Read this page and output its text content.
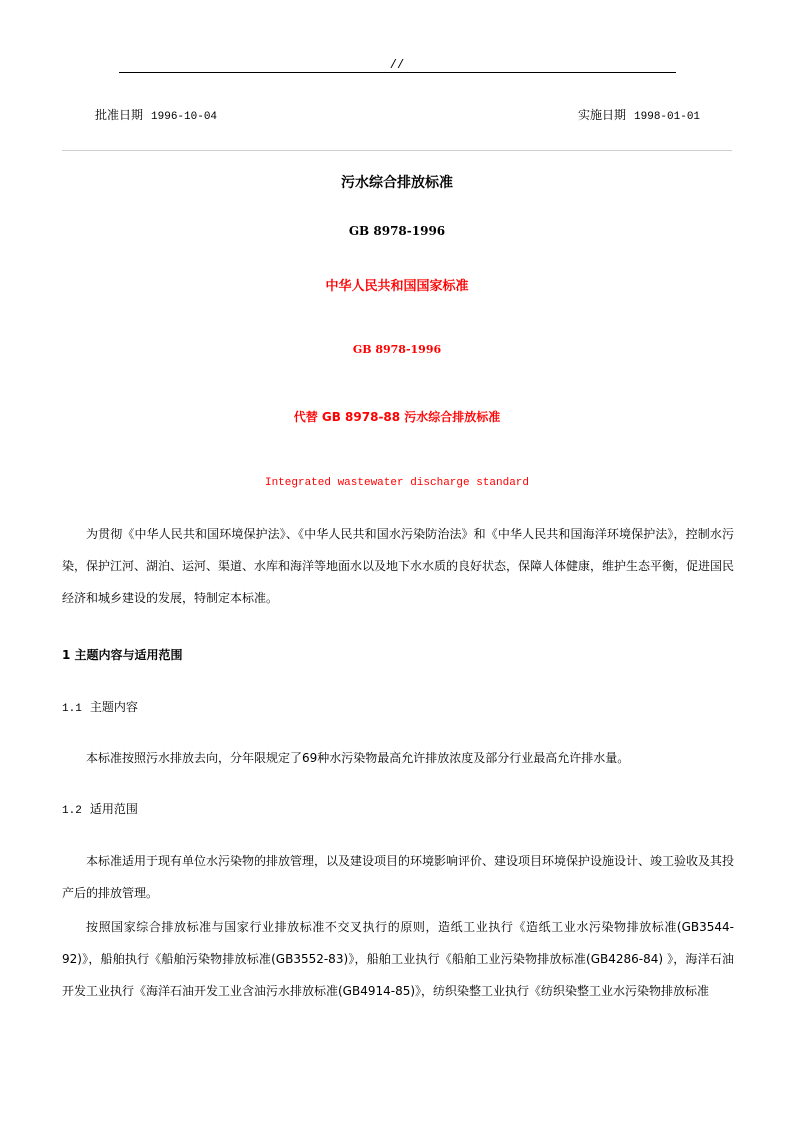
//
批准日期 1996-10-04	实施日期 1998-01-01
污水综合排放标准
GB 8978-1996
中华人民共和国国家标准
GB 8978-1996
代替 GB 8978-88 污水综合排放标准
Integrated wastewater discharge standard
为贯彻《中华人民共和国环境保护法》、《中华人民共和国水污染防治法》和《中华人民共和国海洋环境保护法》，控制水污染，保护江河、湖泊、运河、渠道、水库和海洋等地面水以及地下水水质的良好状态，保障人体健康，维护生态平衡，促进国民经济和城乡建设的发展，特制定本标准。
1 主题内容与适用范围
1.1 主题内容
本标准按照污水排放去向，分年限规定了69种水污染物最高允许排放浓度及部分行业最高允许排水量。
1.2 适用范围
本标准适用于现有单位水污染物的排放管理，以及建设项目的环境影响评价、建设项目环境保护设施设计、竣工验收及其投产后的排放管理。
按照国家综合排放标准与国家行业排放标准不交叉执行的原则，造纸工业执行《造纸工业水污染物排放标准(GB3544-92)》，船舶执行《船舶污染物排放标准(GB3552-83)》，船舶工业执行《船舶工业污染物排放标准(GB4286-84) 》，海洋石油开发工业执行《海洋石油开发工业含油污水排放标准(GB4914-85)》，纺织染整工业执行《纺织染整工业水污染物排放标准
